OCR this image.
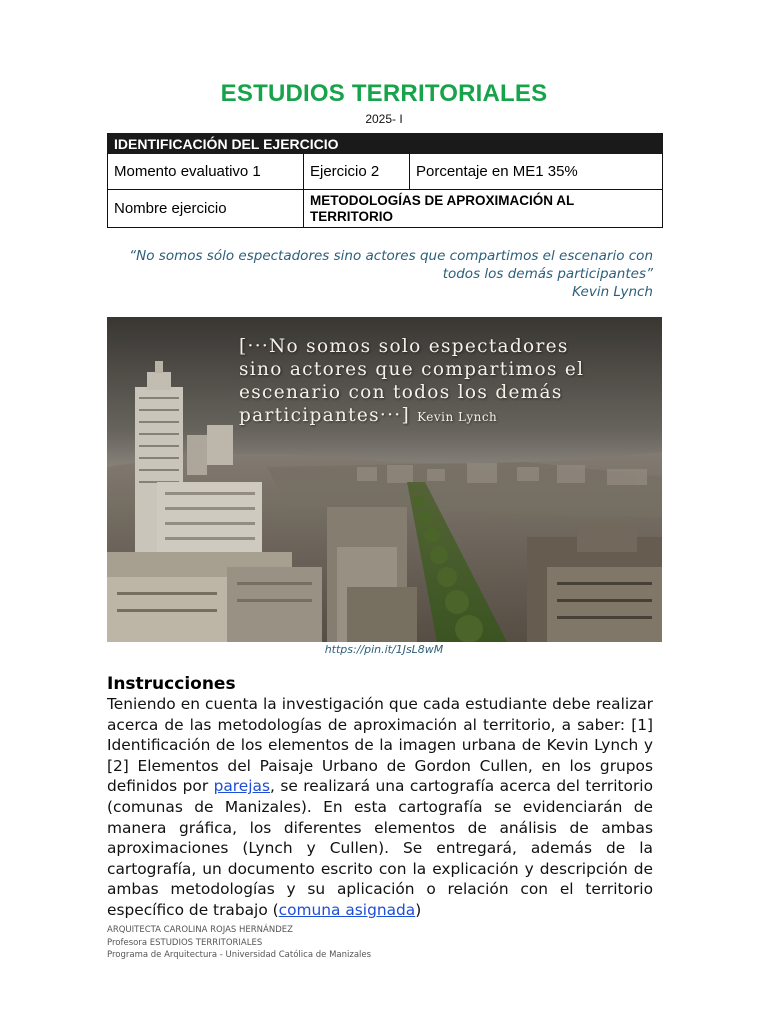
ESTUDIOS TERRITORIALES
2025- I
IDENTIFICACIÓN DEL EJERCICIO		
Momento evaluativo 1	Ejercicio 2	Porcentaje en ME1 35%
Nombre ejercicio	METODOLOGÍAS DE APROXIMACIÓN AL TERRITORIO	
“No somos sólo espectadores sino actores que compartimos el escenario con
todos los demás participantes”
Kevin Lynch
[···No somos solo espectadores
sino actores que compartimos el
escenario con todos los demás
participantes···] Kevin Lynch
https://pin.it/1JsL8wM
Instrucciones
Teniendo en cuenta la investigación que cada estudiante debe realizar acerca de las metodologías de aproximación al territorio, a saber: [1] Identificación de los elementos de la imagen urbana de Kevin Lynch y [2] Elementos del Paisaje Urbano de Gordon Cullen, en los grupos definidos por parejas, se realizará una cartografía acerca del territorio (comunas de Manizales). En esta cartografía se evidenciarán de manera gráfica, los diferentes elementos de análisis de ambas aproximaciones (Lynch y Cullen). Se entregará, además de la cartografía, un documento escrito con la explicación y descripción de ambas metodologías y su aplicación o relación con el territorio específico de trabajo (comuna asignada)
ARQUITECTA CAROLINA ROJAS HERNÁNDEZ
Profesora ESTUDIOS TERRITORIALES
Programa de Arquitectura - Universidad Católica de Manizales
